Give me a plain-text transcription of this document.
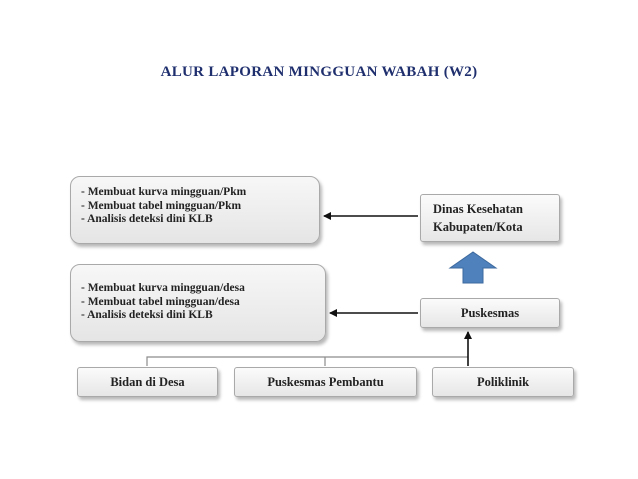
ALUR LAPORAN MINGGUAN WABAH (W2)
- Membuat kurva mingguan/Pkm
- Membuat tabel mingguan/Pkm
- Analisis deteksi dini KLB
- Membuat kurva mingguan/desa
- Membuat tabel mingguan/desa
- Analisis deteksi dini KLB
Dinas Kesehatan
Kabupaten/Kota
Puskesmas
Bidan di Desa	Puskesmas Pembantu	Poliklinik
